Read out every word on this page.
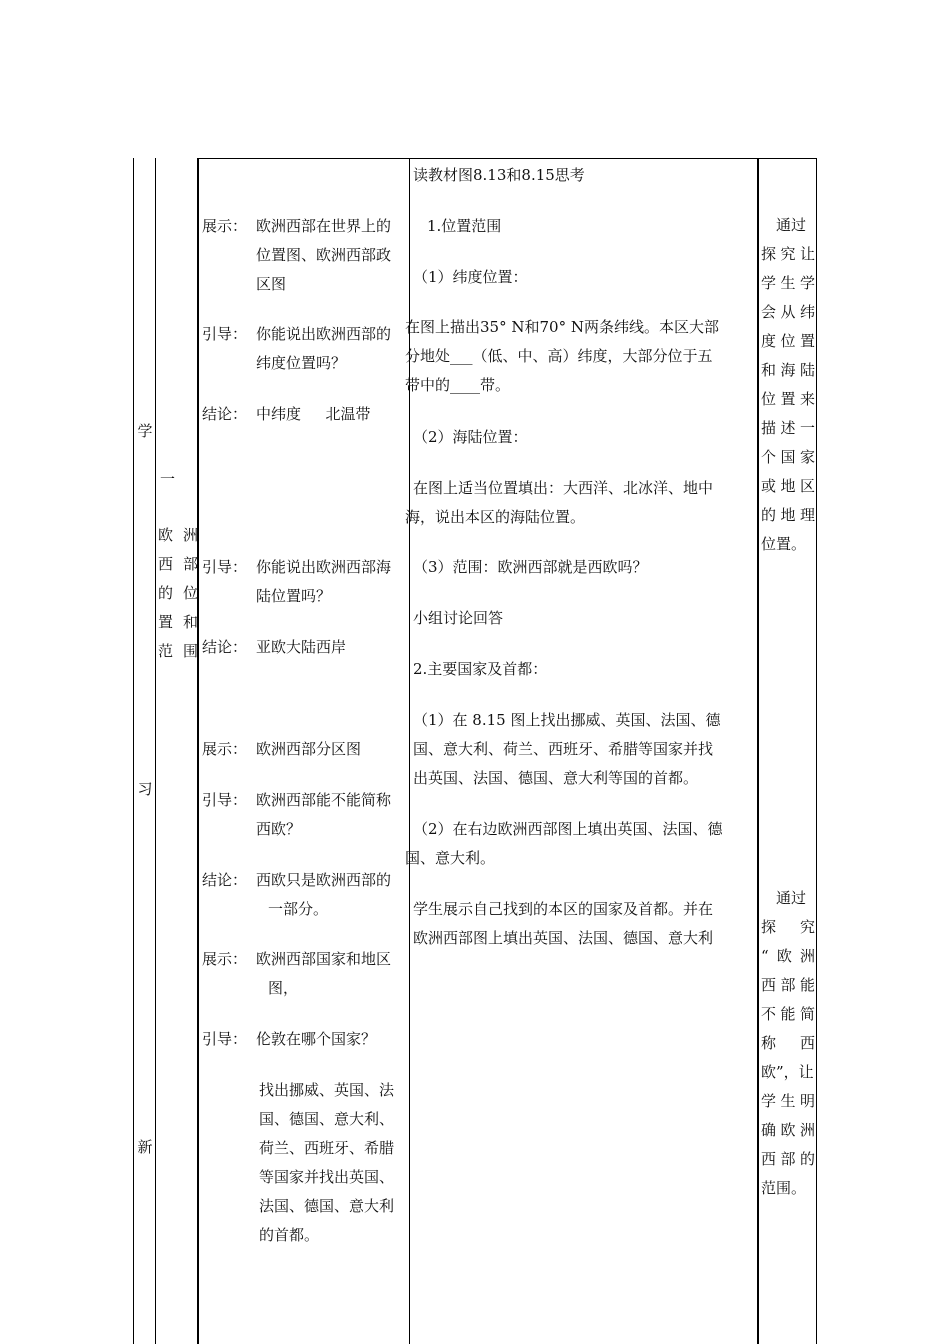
学
习
新
一
欧洲
西部
的位
置和
范围
展示： 欧洲西部在世界上的
位置图、欧洲西部政
区图
引导： 你能说出欧洲西部的
纬度位置吗？
结论： 中纬度　  北温带
引导： 你能说出欧洲西部海
陆位置吗？
结论： 亚欧大陆西岸
展示： 欧洲西部分区图
引导： 欧洲西部能不能简称
西欧？
结论： 西欧只是欧洲西部的
一部分。
展示： 欧洲西部国家和地区
图，
引导： 伦敦在哪个国家？
找出挪威、英国、法
国、德国、意大利、
荷兰、西班牙、希腊
等国家并找出英国、
法国、德国、意大利
的首都。
读教材图8.13和8.15思考
1.位置范围
（1）纬度位置：
在图上描出35° N和70° N两条纬线。本区大部
分地处___（低、中、高）纬度，大部分位于五
带中的____带。
（2）海陆位置：
在图上适当位置填出：大西洋、北冰洋、地中
海，说出本区的海陆位置。
（3）范围：欧洲西部就是西欧吗？
小组讨论回答
2.主要国家及首都：
（1）在 8.15 图上找出挪威、英国、法国、德
国、意大利、荷兰、西班牙、希腊等国家并找
出英国、法国、德国、意大利等国的首都。
（2）在右边欧洲西部图上填出英国、法国、德
国、意大利。
学生展示自己找到的本区的国家及首都。并在
欧洲西部图上填出英国、法国、德国、意大利
　通过
探究让
学生学
会从纬
度位置
和海陆
位置来
描述一
个国家
或地区
的地理
位置。
　通过
探　究
“欧洲
西部能
不能简
称　西
欧”，让
学生明
确欧洲
西部的
范围。
